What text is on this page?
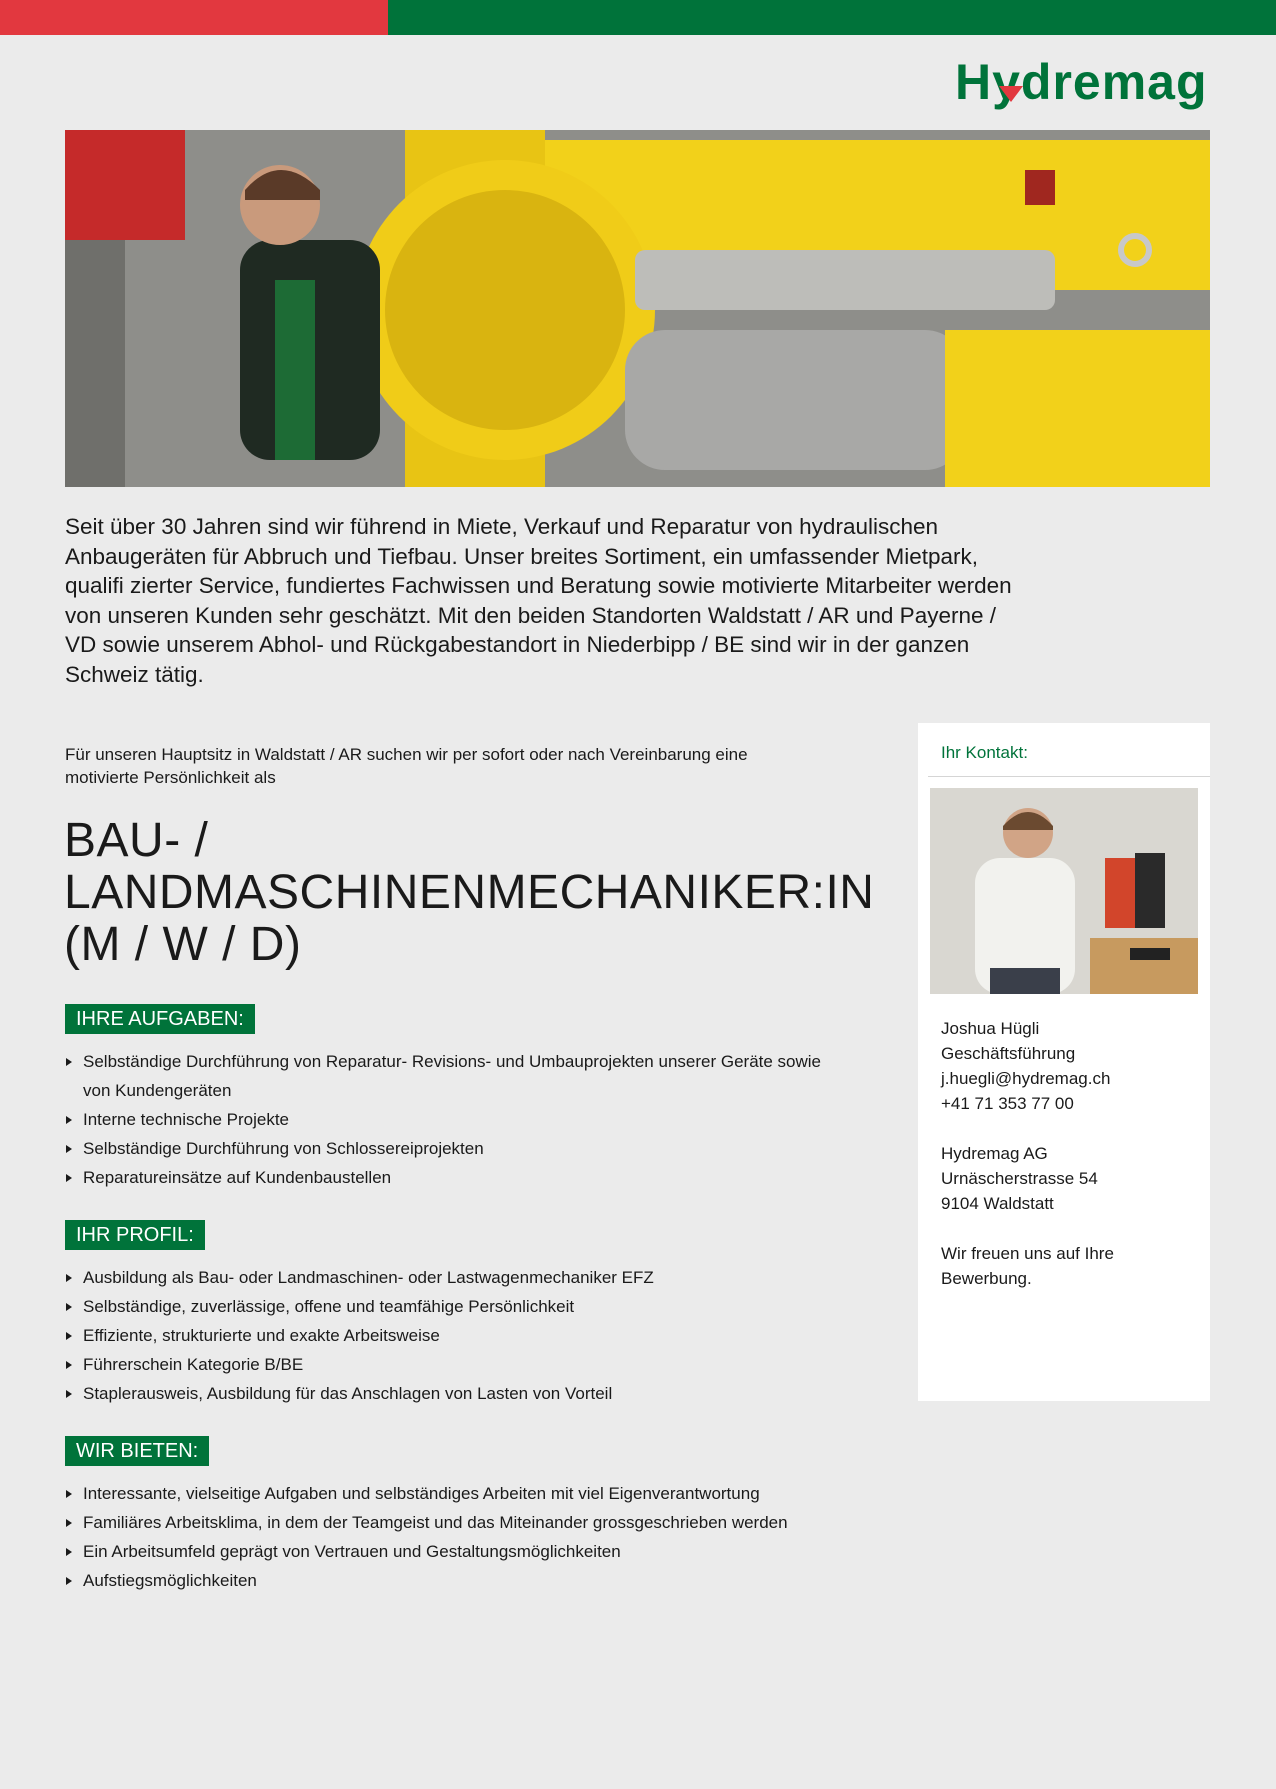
Hydremag
Seit über 30 Jahren sind wir führend in Miete, Verkauf und Reparatur von hydraulischen Anbaugeräten für Abbruch und Tiefbau. Unser breites Sortiment, ein umfassender Mietpark, qualifi zierter Service, fundiertes Fachwissen und Beratung sowie motivierte Mitarbeiter werden von unseren Kunden sehr geschätzt. Mit den beiden Standorten Waldstatt / AR und Payerne / VD sowie unserem Abhol- und Rückgabestandort in Niederbipp / BE sind wir in der ganzen Schweiz tätig.
Für unseren Hauptsitz in Waldstatt / AR suchen wir per sofort oder nach Vereinbarung eine motivierte Persönlichkeit als
BAU- /
LANDMASCHINENMECHANIKER:IN
(M / W / D)
IHRE AUFGABEN:
Selbständige Durchführung von Reparatur- Revisions- und Umbauprojekten unserer Geräte sowie von Kundengeräten
Interne technische Projekte
Selbständige Durchführung von Schlossereiprojekten
Reparatureinsätze auf Kundenbaustellen
IHR PROFIL:
Ausbildung als Bau- oder Landmaschinen- oder Lastwagenmechaniker EFZ
Selbständige, zuverlässige, offene und teamfähige Persönlichkeit
Effiziente, strukturierte und exakte Arbeitsweise
Führerschein Kategorie B/BE
Staplerausweis, Ausbildung für das Anschlagen von Lasten von Vorteil
WIR BIETEN:
Interessante, vielseitige Aufgaben und selbständiges Arbeiten mit viel Eigenverantwortung
Familiäres Arbeitsklima, in dem der Teamgeist und das Miteinander grossgeschrieben werden
Ein Arbeitsumfeld geprägt von Vertrauen und Gestaltungsmöglichkeiten
Aufstiegsmöglichkeiten
Ihr Kontakt:
Joshua Hügli
Geschäftsführung
j.huegli@hydremag.ch
+41 71 353 77 00
Hydremag AG
Urnäscherstrasse 54
9104 Waldstatt
Wir freuen uns auf Ihre Bewerbung.
